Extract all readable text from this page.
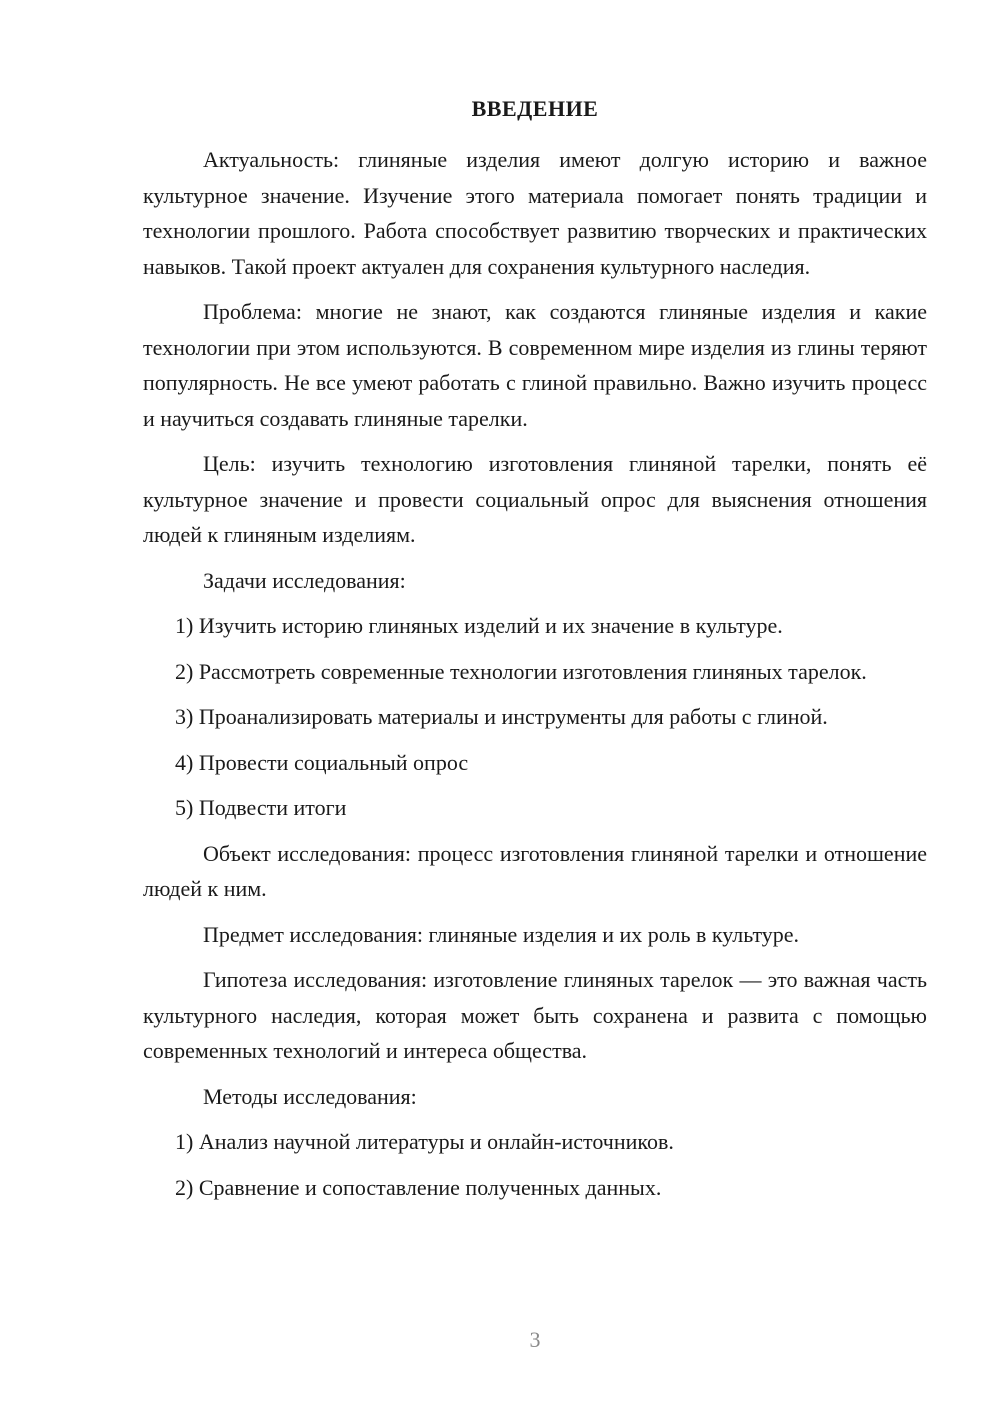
ВВЕДЕНИЕ

Актуальность: глиняные изделия имеют долгую историю и важное культурное значение. Изучение этого материала помогает понять традиции и технологии прошлого. Работа способствует развитию творческих и практических навыков. Такой проект актуален для сохранения культурного наследия.

Проблема: многие не знают, как создаются глиняные изделия и какие технологии при этом используются. В современном мире изделия из глины теряют популярность. Не все умеют работать с глиной правильно. Важно изучить процесс и научиться создавать глиняные тарелки.

Цель: изучить технологию изготовления глиняной тарелки, понять её культурное значение и провести социальный опрос для выяснения отношения людей к глиняным изделиям.

Задачи исследования:

1) Изучить историю глиняных изделий и их значение в культуре.

2) Рассмотреть современные технологии изготовления глиняных тарелок.

3) Проанализировать материалы и инструменты для работы с глиной.

4) Провести социальный опрос

5) Подвести итоги

Объект исследования: процесс изготовления глиняной тарелки и отношение людей к ним.

Предмет исследования: глиняные изделия и их роль в культуре.

Гипотеза исследования: изготовление глиняных тарелок — это важная часть культурного наследия, которая может быть сохранена и развита с помощью современных технологий и интереса общества.

Методы исследования:

1) Анализ научной литературы и онлайн-источников.

2) Сравнение и сопоставление полученных данных.

3
